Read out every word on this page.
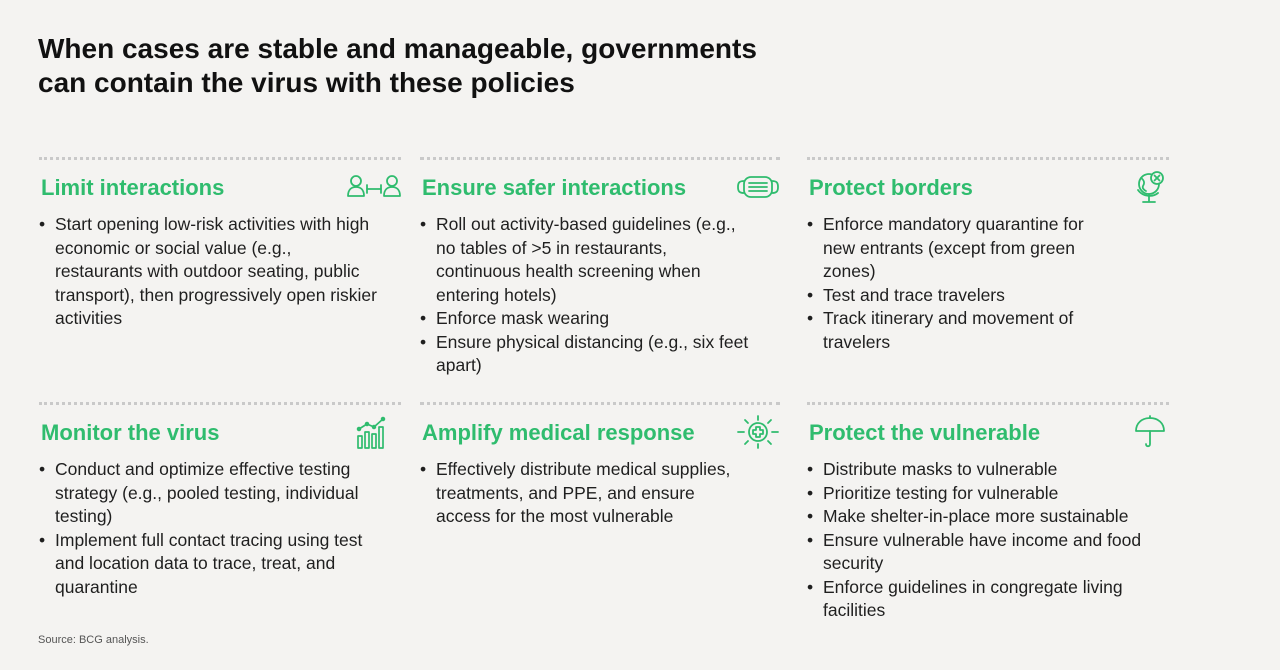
When cases are stable and manageable, governments
can contain the virus with these policies
Limit interactions
• Start opening low-risk activities with high economic or social value (e.g., restaurants with outdoor seating, public transport), then progressively open riskier activities
Ensure safer interactions
• Roll out activity-based guidelines (e.g., no tables of >5 in restaurants, continuous health screening when entering hotels)
• Enforce mask wearing
• Ensure physical distancing (e.g., six feet apart)
Protect borders
• Enforce mandatory quarantine for new entrants (except from green zones)
• Test and trace travelers
• Track itinerary and movement of travelers
Monitor the virus
• Conduct and optimize effective testing strategy (e.g., pooled testing, individual testing)
• Implement full contact tracing using test and location data to trace, treat, and quarantine
Amplify medical response
• Effectively distribute medical supplies, treatments, and PPE, and ensure access for the most vulnerable
Protect the vulnerable
• Distribute masks to vulnerable
• Prioritize testing for vulnerable
• Make shelter-in-place more sustainable
• Ensure vulnerable have income and food security
• Enforce guidelines in congregate living facilities
Source: BCG analysis.
